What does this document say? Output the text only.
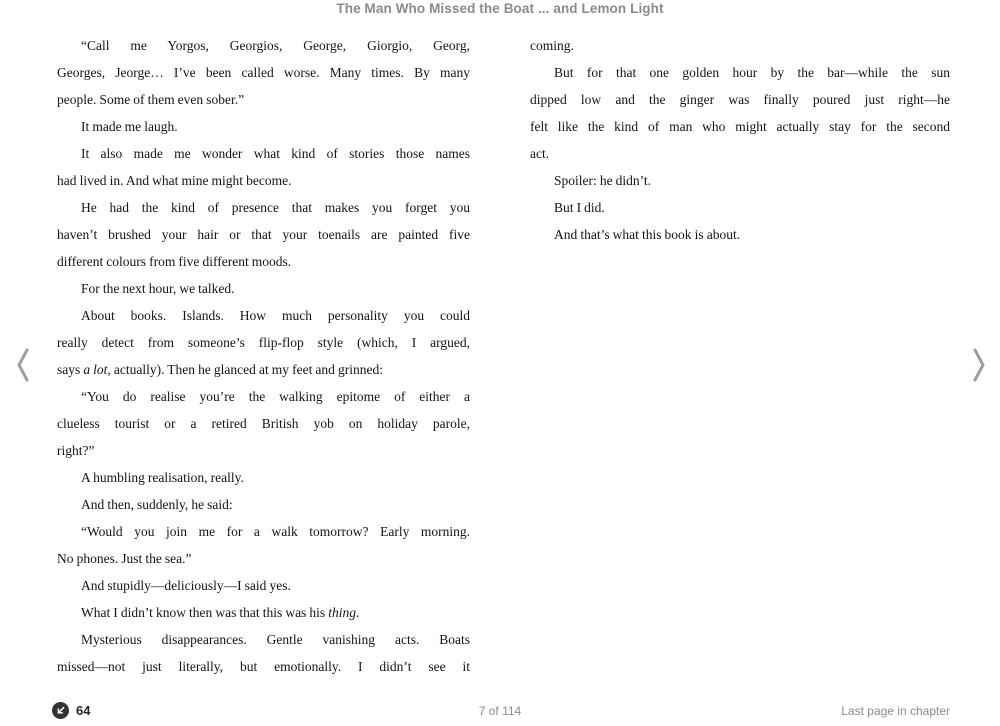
The Man Who Missed the Boat ... and Lemon Light
“Call me Yorgos, Georgios, George, Giorgio, Georg,
Georges, Jeorge… I’ve been called worse. Many times. By many
people. Some of them even sober.”
It made me laugh.
It also made me wonder what kind of stories those names
had lived in. And what mine might become.
He had the kind of presence that makes you forget you
haven’t brushed your hair or that your toenails are painted five
different colours from five different moods.
For the next hour, we talked.
About books. Islands. How much personality you could
really detect from someone’s flip-flop style (which, I argued,
says a lot, actually). Then he glanced at my feet and grinned:
“You do realise you’re the walking epitome of either a
clueless tourist or a retired British yob on holiday parole,
right?”
A humbling realisation, really.
And then, suddenly, he said:
“Would you join me for a walk tomorrow? Early morning.
No phones. Just the sea.”
And stupidly—deliciously—I said yes.
What I didn’t know then was that this was his thing.
Mysterious disappearances. Gentle vanishing acts. Boats
missed—not just literally, but emotionally. I didn’t see it
coming.
But for that one golden hour by the bar—while the sun
dipped low and the ginger was finally poured just right—he
felt like the kind of man who might actually stay for the second
act.
Spoiler: he didn’t.
But I did.
And that’s what this book is about.
64	7 of 114	Last page in chapter
